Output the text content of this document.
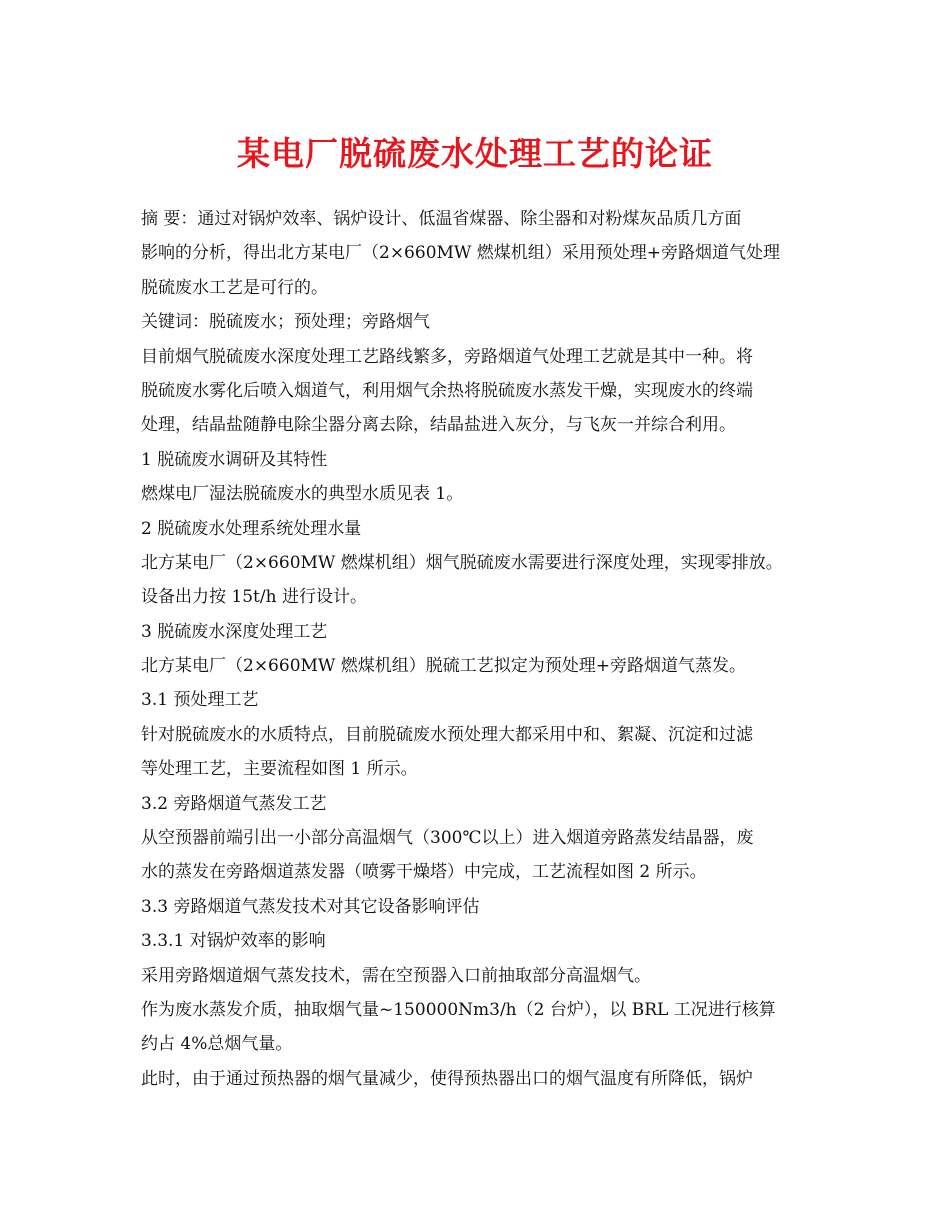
某电厂脱硫废水处理工艺的论证

摘 要：通过对锅炉效率、锅炉设计、低温省煤器、除尘器和对粉煤灰品质几方面

影响的分析，得出北方某电厂（2×660MW 燃煤机组）采用预处理+旁路烟道气处理

脱硫废水工艺是可行的。

关键词：脱硫废水；预处理；旁路烟气

目前烟气脱硫废水深度处理工艺路线繁多，旁路烟道气处理工艺就是其中一种。将

脱硫废水雾化后喷入烟道气，利用烟气余热将脱硫废水蒸发干燥，实现废水的终端

处理，结晶盐随静电除尘器分离去除，结晶盐进入灰分，与飞灰一并综合利用。

1 脱硫废水调研及其特性

燃煤电厂湿法脱硫废水的典型水质见表 1。

2 脱硫废水处理系统处理水量

北方某电厂（2×660MW 燃煤机组）烟气脱硫废水需要进行深度处理，实现零排放。

设备出力按 15t/h 进行设计。

3 脱硫废水深度处理工艺

北方某电厂（2×660MW 燃煤机组）脱硫工艺拟定为预处理+旁路烟道气蒸发。

3.1 预处理工艺

针对脱硫废水的水质特点，目前脱硫废水预处理大都采用中和、絮凝、沉淀和过滤

等处理工艺，主要流程如图 1 所示。

3.2 旁路烟道气蒸发工艺

从空预器前端引出一小部分高温烟气（300℃以上）进入烟道旁路蒸发结晶器，废

水的蒸发在旁路烟道蒸发器（喷雾干燥塔）中完成，工艺流程如图 2 所示。

3.3 旁路烟道气蒸发技术对其它设备影响评估

3.3.1 对锅炉效率的影响

采用旁路烟道烟气蒸发技术，需在空预器入口前抽取部分高温烟气。

作为废水蒸发介质，抽取烟气量~150000Nm3/h（2 台炉），以 BRL 工况进行核算

约占 4%总烟气量。

此时，由于通过预热器的烟气量减少，使得预热器出口的烟气温度有所降低，锅炉
